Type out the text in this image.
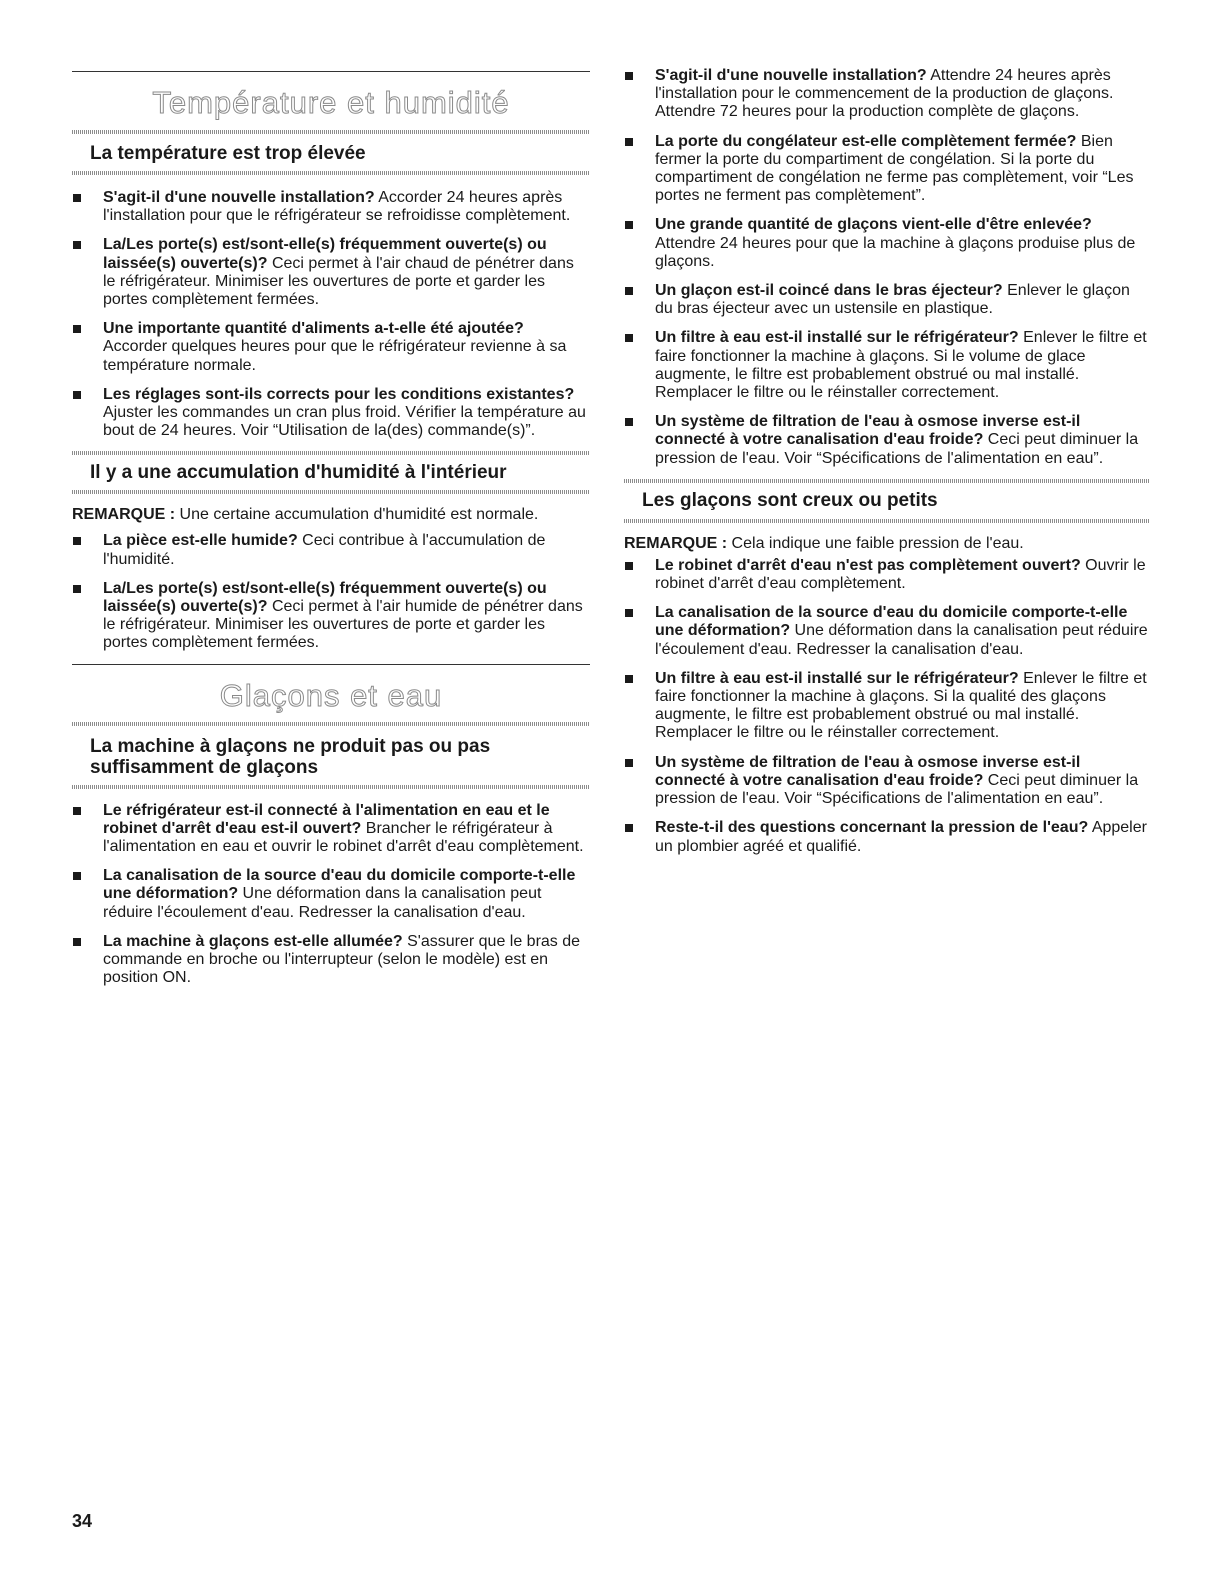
Température et humidité
La température est trop élevée
S'agit-il d'une nouvelle installation? Accorder 24 heures après l'installation pour que le réfrigérateur se refroidisse complètement.
La/Les porte(s) est/sont-elle(s) fréquemment ouverte(s) ou laissée(s) ouverte(s)? Ceci permet à l'air chaud de pénétrer dans le réfrigérateur. Minimiser les ouvertures de porte et garder les portes complètement fermées.
Une importante quantité d'aliments a-t-elle été ajoutée? Accorder quelques heures pour que le réfrigérateur revienne à sa température normale.
Les réglages sont-ils corrects pour les conditions existantes? Ajuster les commandes un cran plus froid. Vérifier la température au bout de 24 heures. Voir “Utilisation de la(des) commande(s)”.
Il y a une accumulation d'humidité à l'intérieur

REMARQUE : Une certaine accumulation d'humidité est normale.

La pièce est-elle humide? Ceci contribue à l'accumulation de l'humidité.
La/Les porte(s) est/sont-elle(s) fréquemment ouverte(s) ou laissée(s) ouverte(s)? Ceci permet à l'air humide de pénétrer dans le réfrigérateur. Minimiser les ouvertures de porte et garder les portes complètement fermées.
Glaçons et eau
La machine à glaçons ne produit pas ou pas suffisamment de glaçons
Le réfrigérateur est-il connecté à l'alimentation en eau et le robinet d'arrêt d'eau est-il ouvert? Brancher le réfrigérateur à l'alimentation en eau et ouvrir le robinet d'arrêt d'eau complètement.
La canalisation de la source d'eau du domicile comporte-t-elle une déformation? Une déformation dans la canalisation peut réduire l'écoulement d'eau. Redresser la canalisation d'eau.
La machine à glaçons est-elle allumée? S'assurer que le bras de commande en broche ou l'interrupteur (selon le modèle) est en position ON.
S'agit-il d'une nouvelle installation? Attendre 24 heures après l'installation pour le commencement de la production de glaçons. Attendre 72 heures pour la production complète de glaçons.
La porte du congélateur est-elle complètement fermée? Bien fermer la porte du compartiment de congélation. Si la porte du compartiment de congélation ne ferme pas complètement, voir “Les portes ne ferment pas complètement”.
Une grande quantité de glaçons vient-elle d'être enlevée? Attendre 24 heures pour que la machine à glaçons produise plus de glaçons.
Un glaçon est-il coincé dans le bras éjecteur? Enlever le glaçon du bras éjecteur avec un ustensile en plastique.
Un filtre à eau est-il installé sur le réfrigérateur? Enlever le filtre et faire fonctionner la machine à glaçons. Si le volume de glace augmente, le filtre est probablement obstrué ou mal installé. Remplacer le filtre ou le réinstaller correctement.
Un système de filtration de l'eau à osmose inverse est-il connecté à votre canalisation d'eau froide? Ceci peut diminuer la pression de l'eau. Voir “Spécifications de l'alimentation en eau”.
Les glaçons sont creux ou petits

REMARQUE : Cela indique une faible pression de l'eau.

Le robinet d'arrêt d'eau n'est pas complètement ouvert? Ouvrir le robinet d'arrêt d'eau complètement.
La canalisation de la source d'eau du domicile comporte-t-elle une déformation? Une déformation dans la canalisation peut réduire l'écoulement d'eau. Redresser la canalisation d'eau.
Un filtre à eau est-il installé sur le réfrigérateur? Enlever le filtre et faire fonctionner la machine à glaçons. Si la qualité des glaçons augmente, le filtre est probablement obstrué ou mal installé. Remplacer le filtre ou le réinstaller correctement.
Un système de filtration de l'eau à osmose inverse est-il connecté à votre canalisation d'eau froide? Ceci peut diminuer la pression de l'eau. Voir “Spécifications de l'alimentation en eau”.
Reste-t-il des questions concernant la pression de l'eau? Appeler un plombier agréé et qualifié.
34
